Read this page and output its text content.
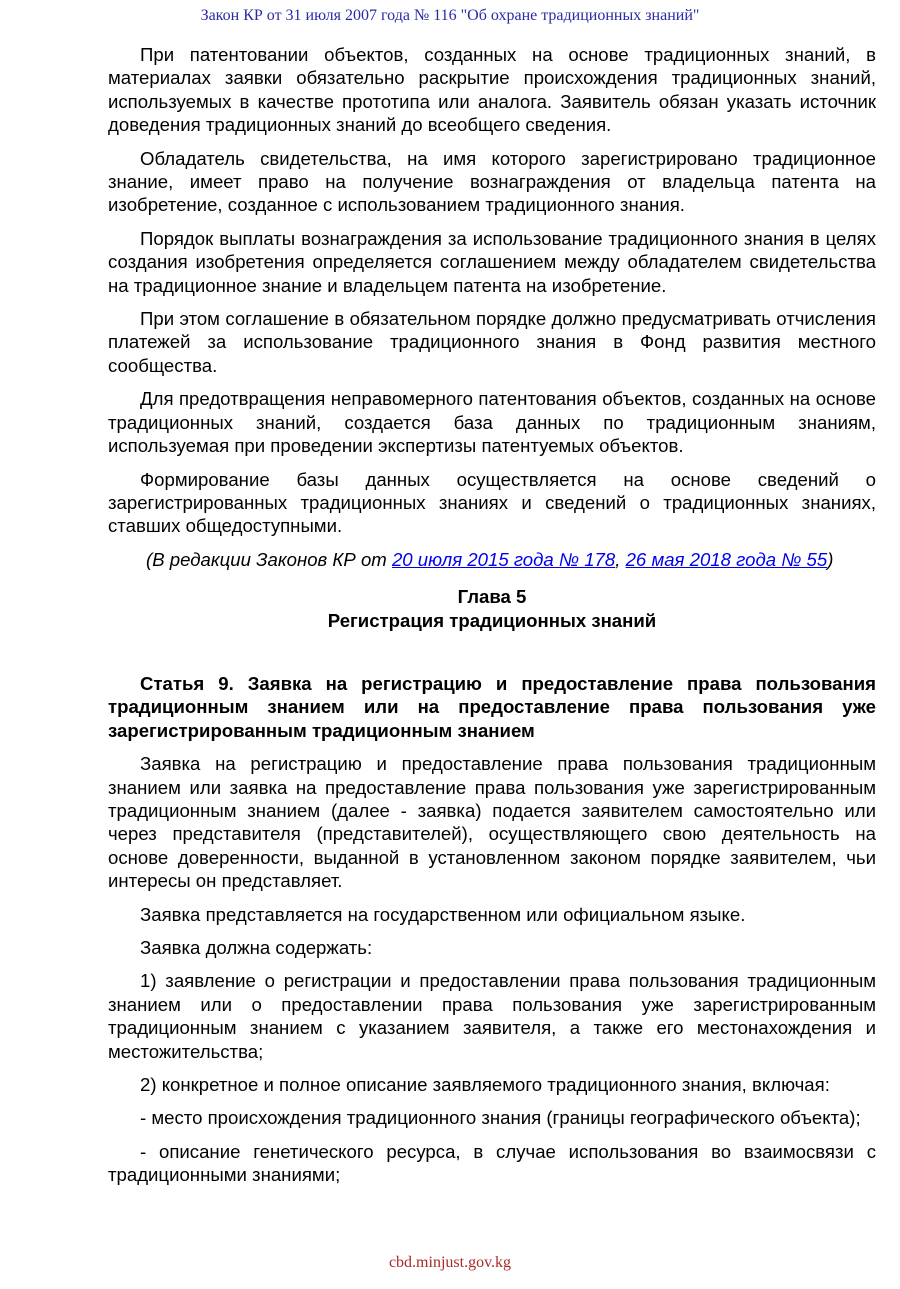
Закон КР от 31 июля 2007 года № 116 "Об охране традиционных знаний"

При патентовании объектов, созданных на основе традиционных знаний, в материалах заявки обязательно раскрытие происхождения традиционных знаний, используемых в качестве прототипа или аналога. Заявитель обязан указать источник доведения традиционных знаний до всеобщего сведения.

Обладатель свидетельства, на имя которого зарегистрировано традиционное знание, имеет право на получение вознаграждения от владельца патента на изобретение, созданное с использованием традиционного знания.

Порядок выплаты вознаграждения за использование традиционного знания в целях создания изобретения определяется соглашением между обладателем свидетельства на традиционное знание и владельцем патента на изобретение.

При этом соглашение в обязательном порядке должно предусматривать отчисления платежей за использование традиционного знания в Фонд развития местного сообщества.

Для предотвращения неправомерного патентования объектов, созданных на основе традиционных знаний, создается база данных по традиционным знаниям, используемая при проведении экспертизы патентуемых объектов.

Формирование базы данных осуществляется на основе сведений о зарегистрированных традиционных знаниях и сведений о традиционных знаниях, ставших общедоступными.

(В редакции Законов КР от 20 июля 2015 года № 178, 26 мая 2018 года № 55)

Глава 5

Регистрация традиционных знаний

Статья 9. Заявка на регистрацию и предоставление права пользования традиционным знанием или на предоставление права пользования уже зарегистрированным традиционным знанием

Заявка на регистрацию и предоставление права пользования традиционным знанием или заявка на предоставление права пользования уже зарегистрированным традиционным знанием (далее - заявка) подается заявителем самостоятельно или через представителя (представителей), осуществляющего свою деятельность на основе доверенности, выданной в установленном законом порядке заявителем, чьи интересы он представляет.

Заявка представляется на государственном или официальном языке.

Заявка должна содержать:

1) заявление о регистрации и предоставлении права пользования традиционным знанием или о предоставлении права пользования уже зарегистрированным традиционным знанием с указанием заявителя, а также его местонахождения и местожительства;

2) конкретное и полное описание заявляемого традиционного знания, включая:

- место происхождения традиционного знания (границы географического объекта);

- описание генетического ресурса, в случае использования во взаимосвязи с традиционными знаниями;

cbd.minjust.gov.kg
